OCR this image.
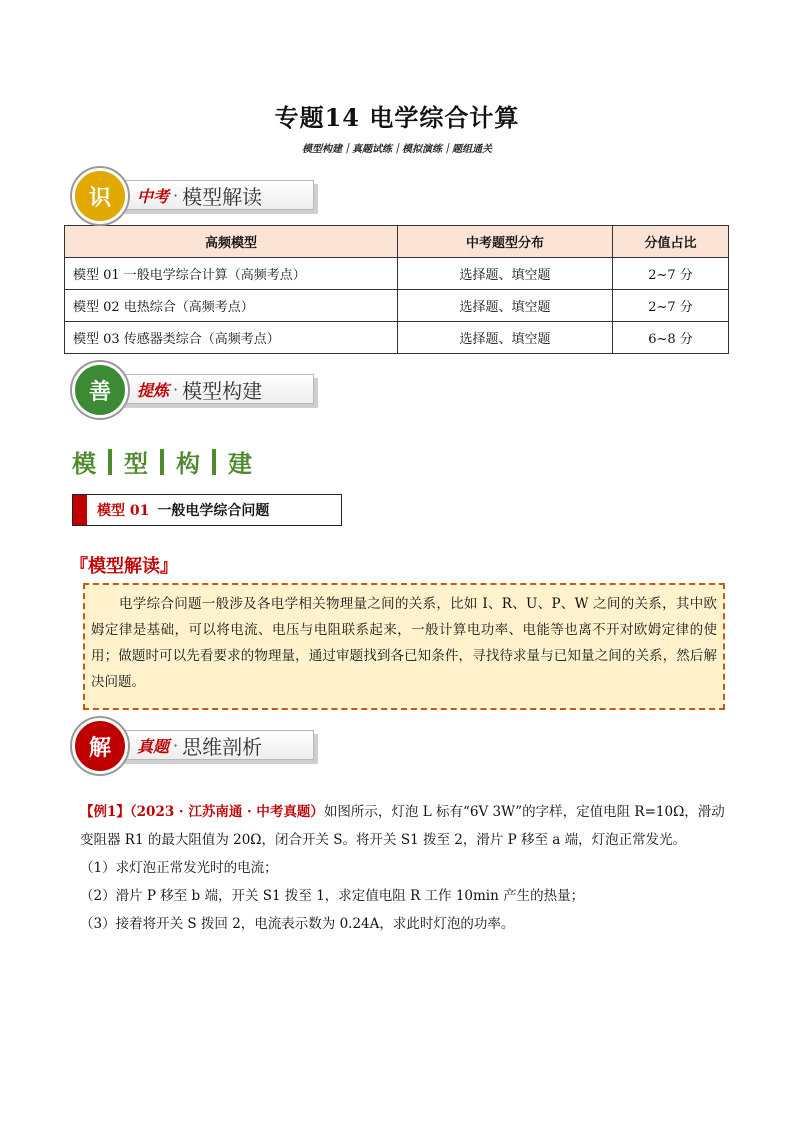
专题14 电学综合计算
模型构建｜真题试练｜模拟演练｜题组通关
识	中考 · 模型解读
高频模型	中考题型分布	分值占比
模型 01 一般电学综合计算（高频考点）	选择题、填空题	2~7 分
模型 02 电热综合（高频考点）	选择题、填空题	2~7 分
模型 03 传感器类综合（高频考点）	选择题、填空题	6~8 分
善	提炼 · 模型构建
模 型 构 建
模型 01 一般电学综合问题
『模型解读』
电学综合问题一般涉及各电学相关物理量之间的关系，比如 I、R、U、P、W 之间的关系，其中欧姆定律是基础，可以将电流、电压与电阻联系起来，一般计算电功率、电能等也离不开对欧姆定律的使用；做题时可以先看要求的物理量，通过审题找到各已知条件，寻找待求量与已知量之间的关系，然后解决问题。
解	真题 · 思维剖析

【例1】（2023 · 江苏南通 · 中考真题）如图所示，灯泡 L 标有“6V 3W”的字样，定值电阻 R=10Ω，滑动变阻器 R1 的最大阻值为 20Ω，闭合开关 S。将开关 S1 拨至 2，滑片 P 移至 a 端，灯泡正常发光。

（1）求灯泡正常发光时的电流；

（2）滑片 P 移至 b 端，开关 S1 拨至 1，求定值电阻 R 工作 10min 产生的热量；

（3）接着将开关 S 拨回 2，电流表示数为 0.24A，求此时灯泡的功率。
